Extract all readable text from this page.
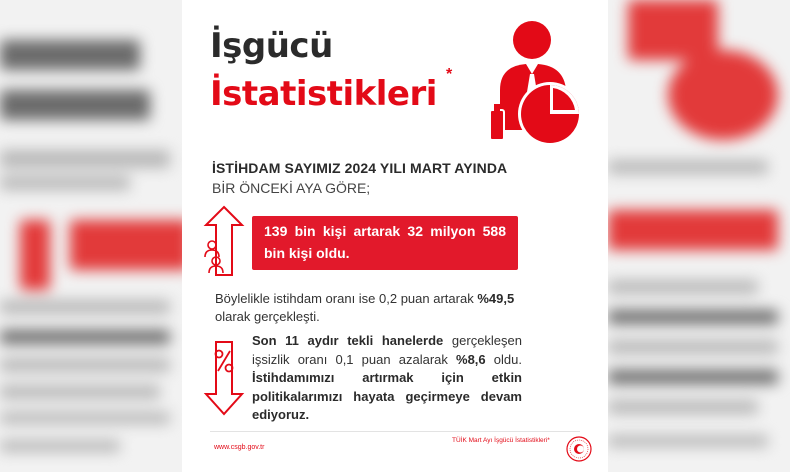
İşgücü
İstatistikleri *
İSTİHDAM SAYIMIZ 2024 YILI MART AYINDA
BİR ÖNCEKİ AYA GÖRE;
139 bin kişi artarak 32 milyon 588 bin kişi oldu.
Böylelikle istihdam oranı ise 0,2 puan artarak %49,5 olarak gerçekleşti.
Son 11 aydır tekli hanelerde gerçekleşen işsizlik oranı 0,1 puan azalarak %8,6 oldu. İstihdamımızı artırmak için etkin politikalarımızı hayata geçirmeye devam ediyoruz.
www.csgb.gov.tr
TÜİK Mart Ayı İşgücü İstatistikleri*
